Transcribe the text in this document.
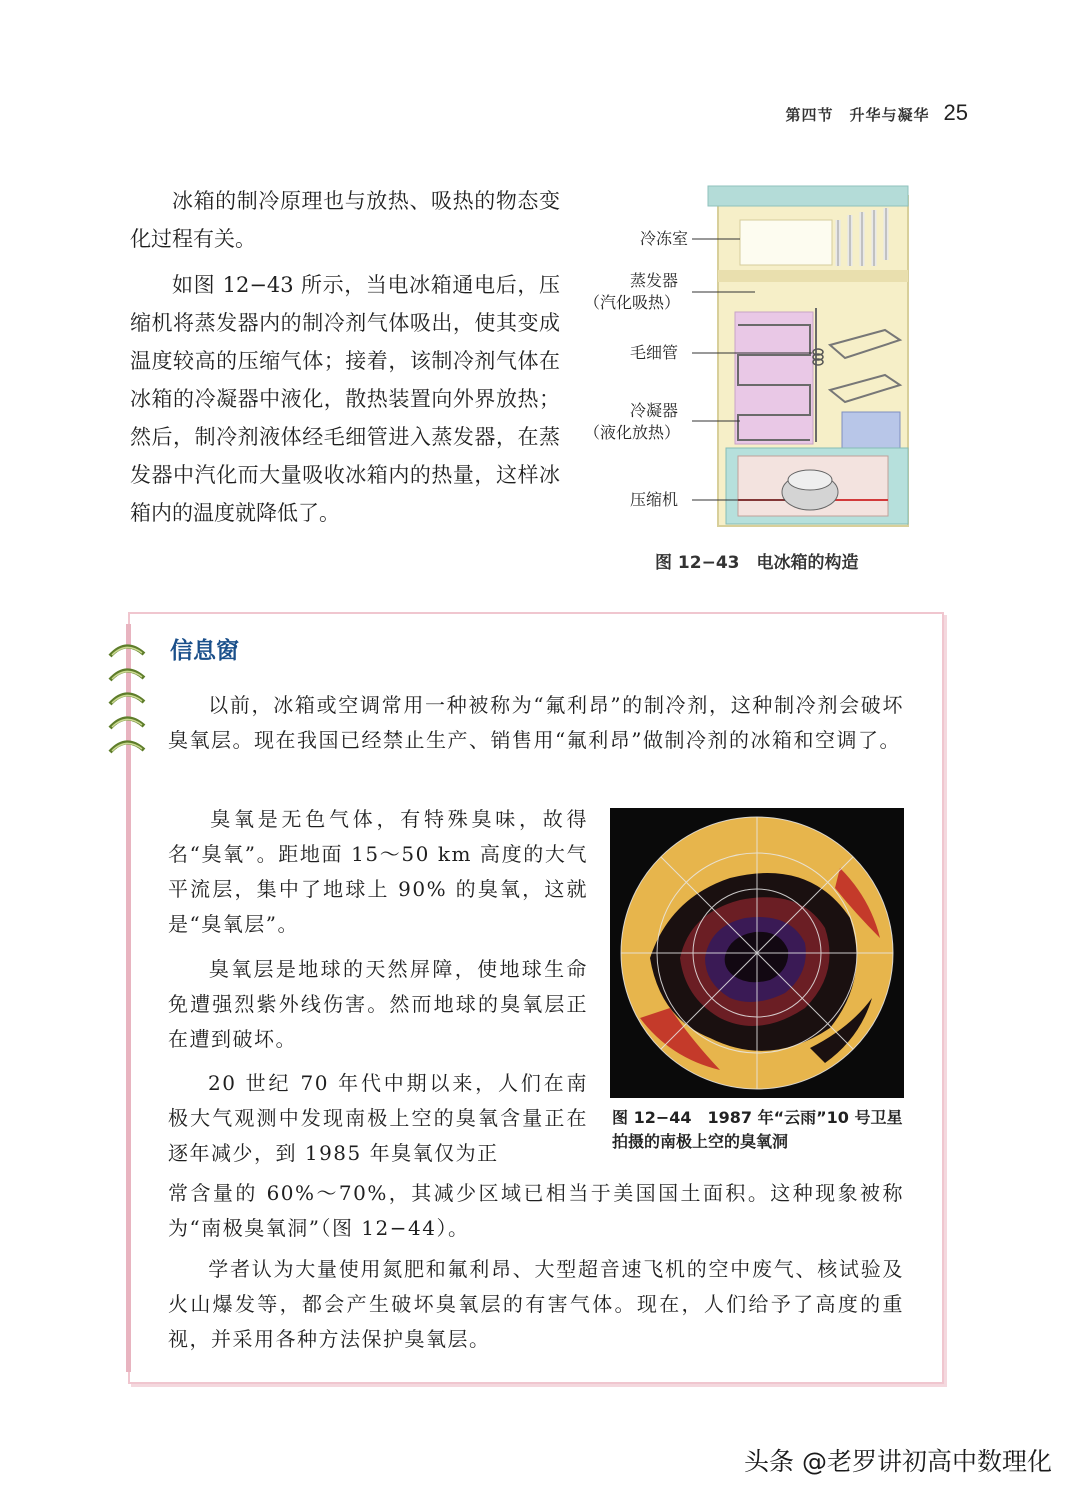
第四节　升华与凝华 25

冰箱的制冷原理也与放热、吸热的物态变化过程有关。

如图 12−43 所示，当电冰箱通电后，压缩机将蒸发器内的制冷剂气体吸出，使其变成温度较高的压缩气体；接着，该制冷剂气体在冰箱的冷凝器中液化，散热装置向外界放热；然后，制冷剂液体经毛细管进入蒸发器，在蒸发器中汽化而大量吸收冰箱内的热量，这样冰箱内的温度就降低了。

冷冻室
蒸发器
（汽化吸热）
毛细管
冷凝器
（液化放热）
压缩机
图 12−43　电冰箱的构造
信息窗

以前，冰箱或空调常用一种被称为“氟利昂”的制冷剂，这种制冷剂会破坏臭氧层。现在我国已经禁止生产、销售用“氟利昂”做制冷剂的冰箱和空调了。

臭氧是无色气体，有特殊臭味，故得名“臭氧”。距地面 15～50 km 高度的大气平流层，集中了地球上 90% 的臭氧，这就是“臭氧层”。

臭氧层是地球的天然屏障，使地球生命免遭强烈紫外线伤害。然而地球的臭氧层正在遭到破坏。

20 世纪 70 年代中期以来，人们在南极大气观测中发现南极上空的臭氧含量正在逐年减少，到 1985 年臭氧仅为正

常含量的 60%～70%，其减少区域已相当于美国国土面积。这种现象被称为“南极臭氧洞”（图 12−44）。

学者认为大量使用氮肥和氟利昂、大型超音速飞机的空中废气、核试验及火山爆发等，都会产生破坏臭氧层的有害气体。现在，人们给予了高度的重视，并采用各种方法保护臭氧层。

图 12−44　1987 年“云雨”10 号卫星拍摄的南极上空的臭氧洞
头条 @老罗讲初高中数理化
